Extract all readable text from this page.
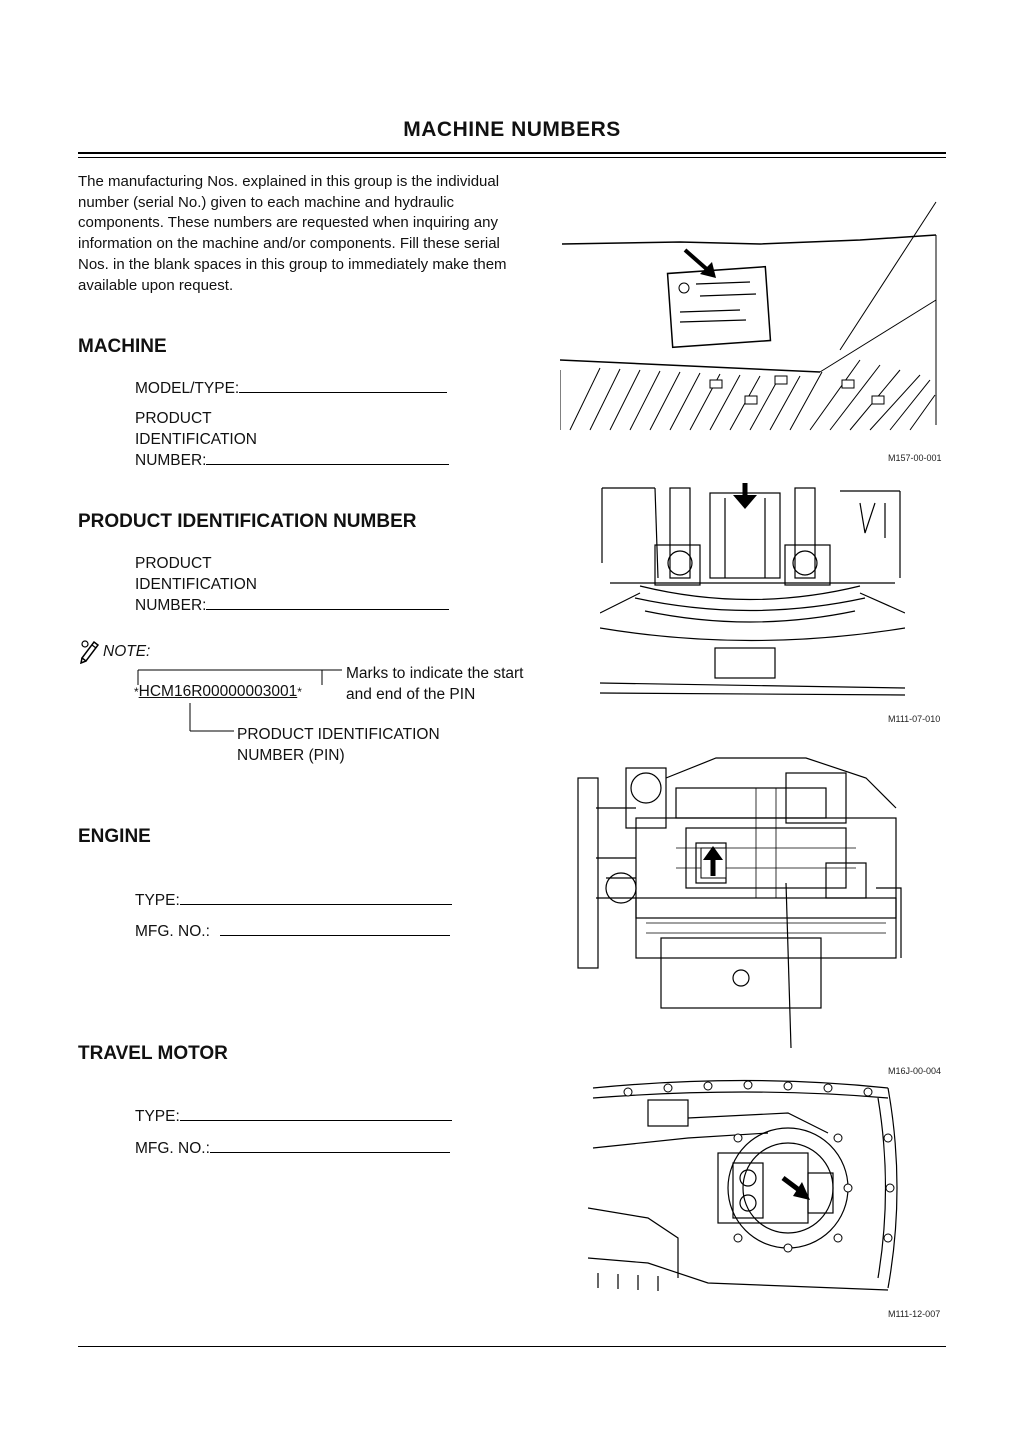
MACHINE NUMBERS
The manufacturing Nos. explained in this group is the individual number (serial No.) given to each machine and hydraulic components. These numbers are requested when inquiring any information on the machine and/or components. Fill these serial Nos. in the blank spaces in this group to immediately make them available upon request.
MACHINE
MODEL/TYPE:
PRODUCT
IDENTIFICATION
NUMBER:
PRODUCT IDENTIFICATION NUMBER
PRODUCT
IDENTIFICATION
NUMBER:
NOTE:
*HCM16R00000003001*
Marks to indicate the start
and end of the PIN
PRODUCT IDENTIFICATION
NUMBER (PIN)
ENGINE
TYPE:
MFG. NO.:
TRAVEL MOTOR
TYPE:
MFG. NO.:
M157-00-001
M111-07-010
M16J-00-004
M111-12-007
